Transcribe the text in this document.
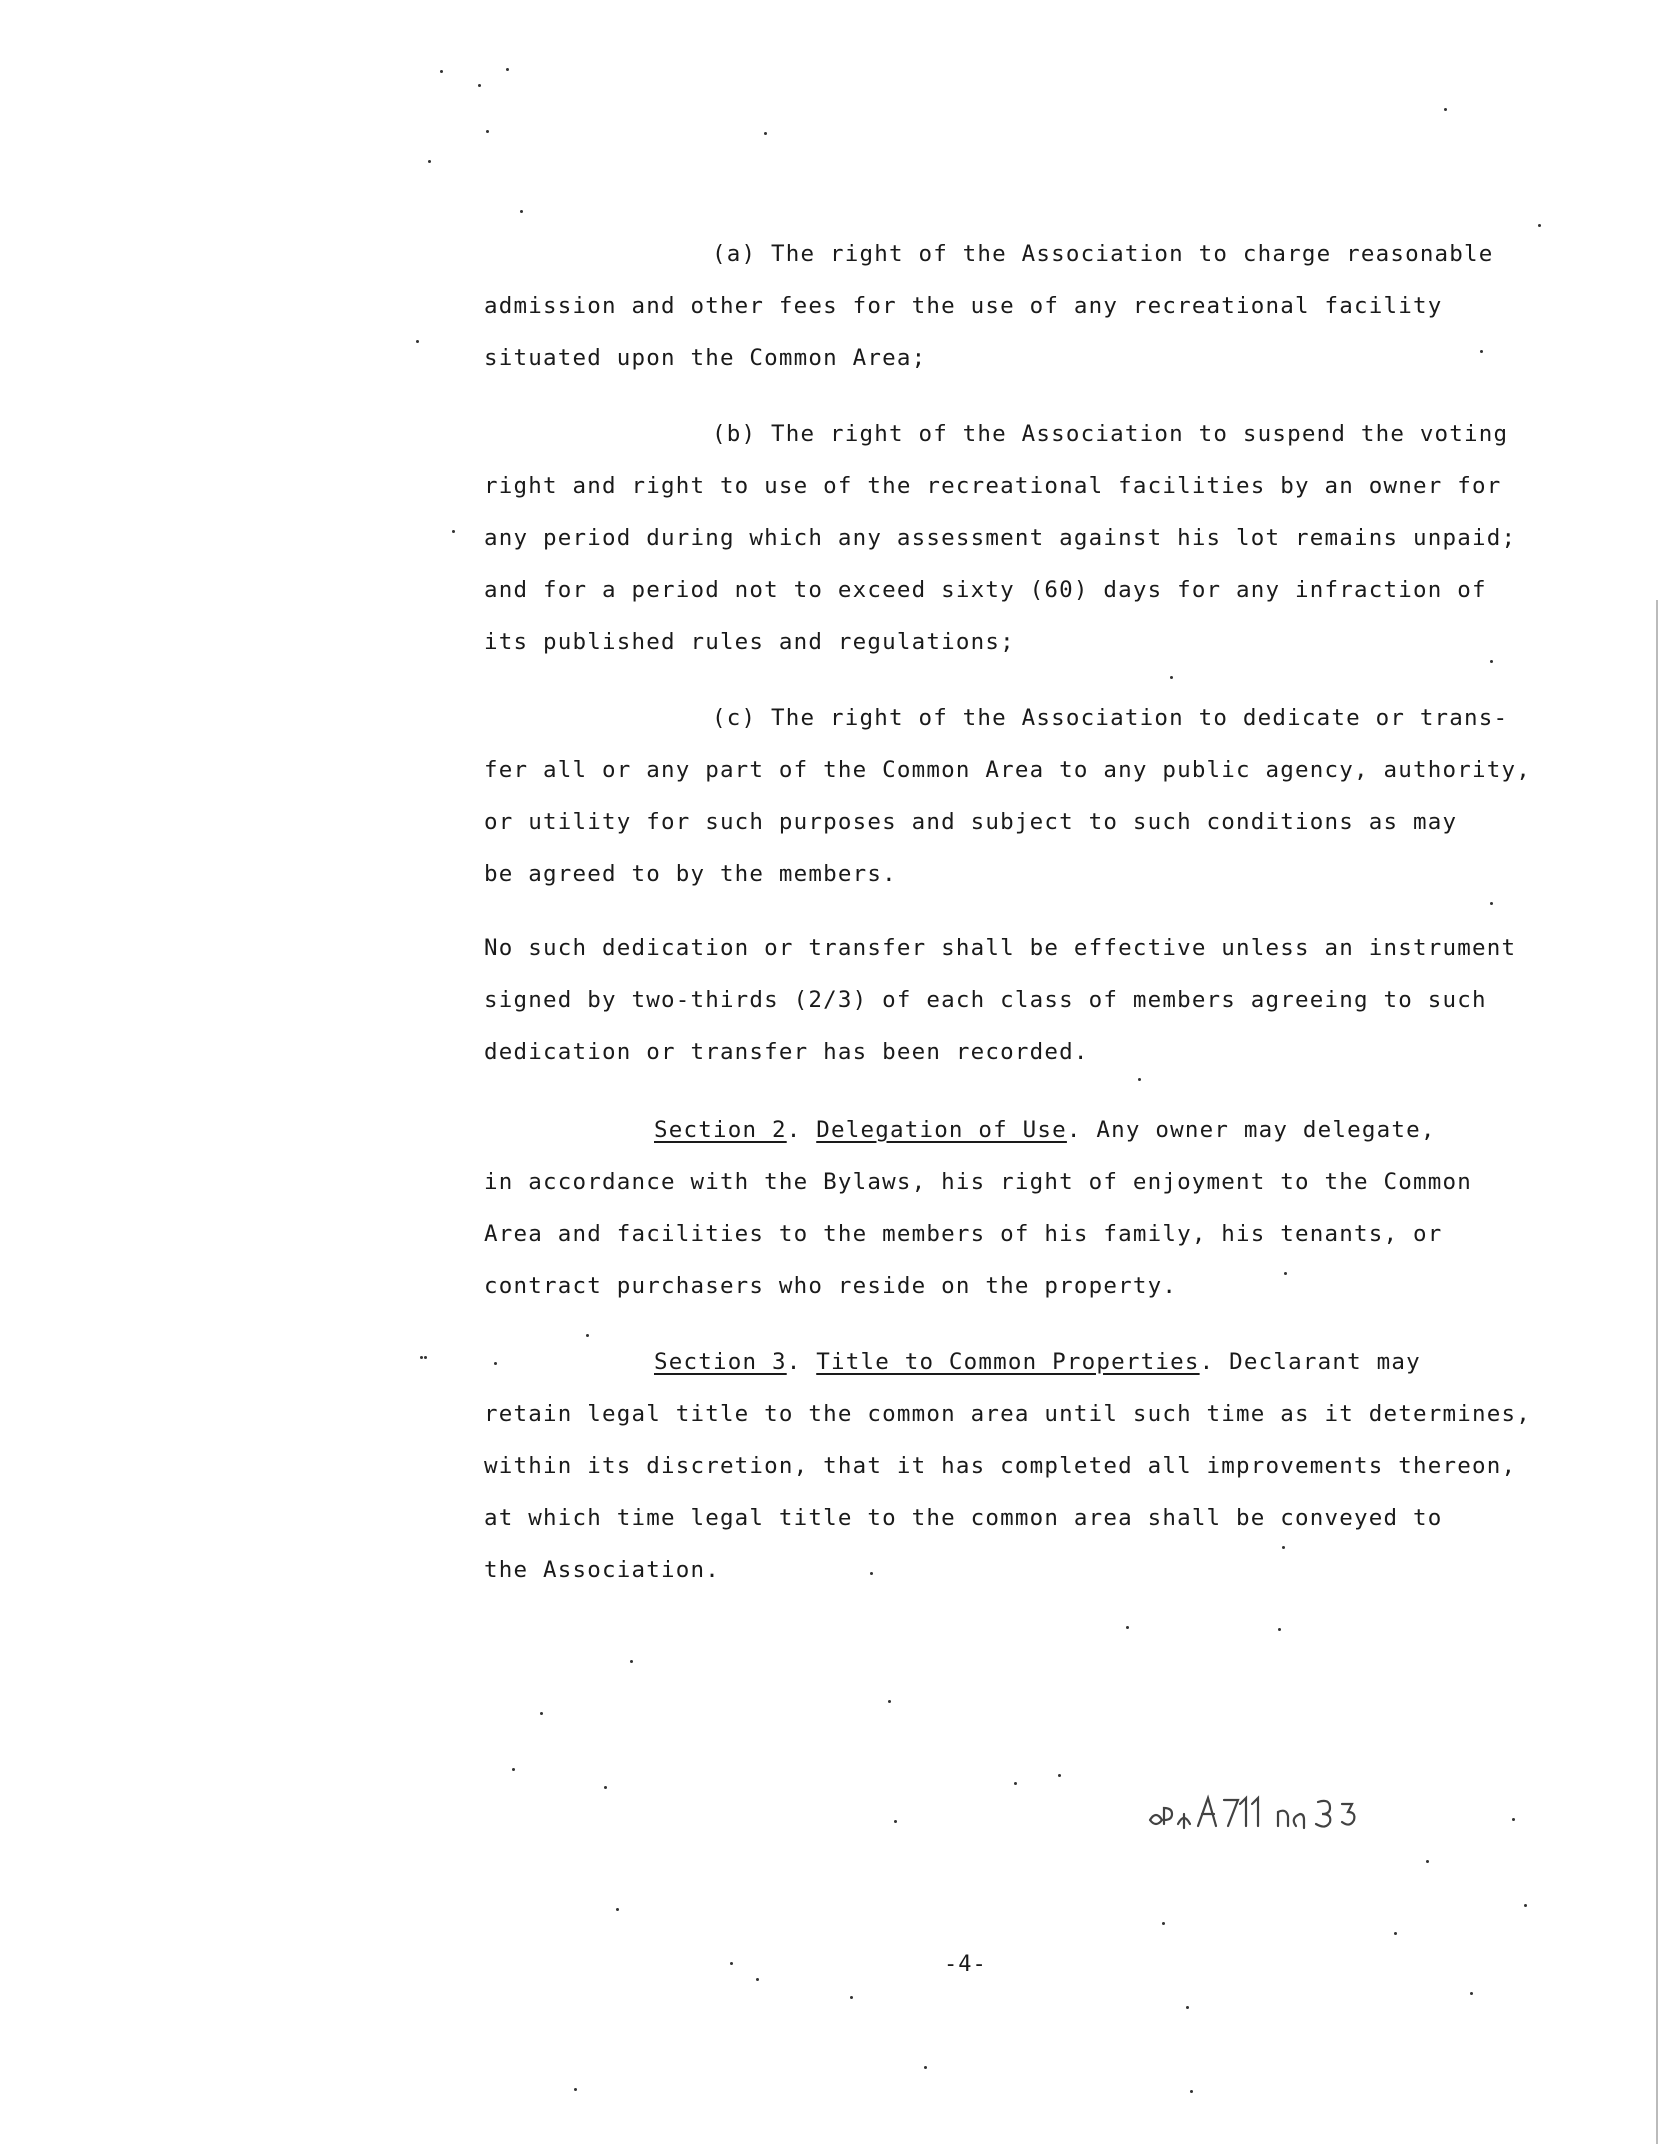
(a) The right of the Association to charge reasonable
admission and other fees for the use of any recreational facility
situated upon the Common Area;
(b) The right of the Association to suspend the voting
right and right to use of the recreational facilities by an owner for
any period during which any assessment against his lot remains unpaid;
and for a period not to exceed sixty (60) days for any infraction of
its published rules and regulations;
(c) The right of the Association to dedicate or trans-
fer all or any part of the Common Area to any public agency, authority,
or utility for such purposes and subject to such conditions as may
be agreed to by the members.
No such dedication or transfer shall be effective unless an instrument
signed by two-thirds (2/3) of each class of members agreeing to such
dedication or transfer has been recorded.
Section 2. Delegation of Use. Any owner may delegate,
in accordance with the Bylaws, his right of enjoyment to the Common
Area and facilities to the members of his family, his tenants, or
contract purchasers who reside on the property.
Section 3. Title to Common Properties. Declarant may
retain legal title to the common area until such time as it determines,
within its discretion, that it has completed all improvements thereon,
at which time legal title to the common area shall be conveyed to
the Association.
-4-
